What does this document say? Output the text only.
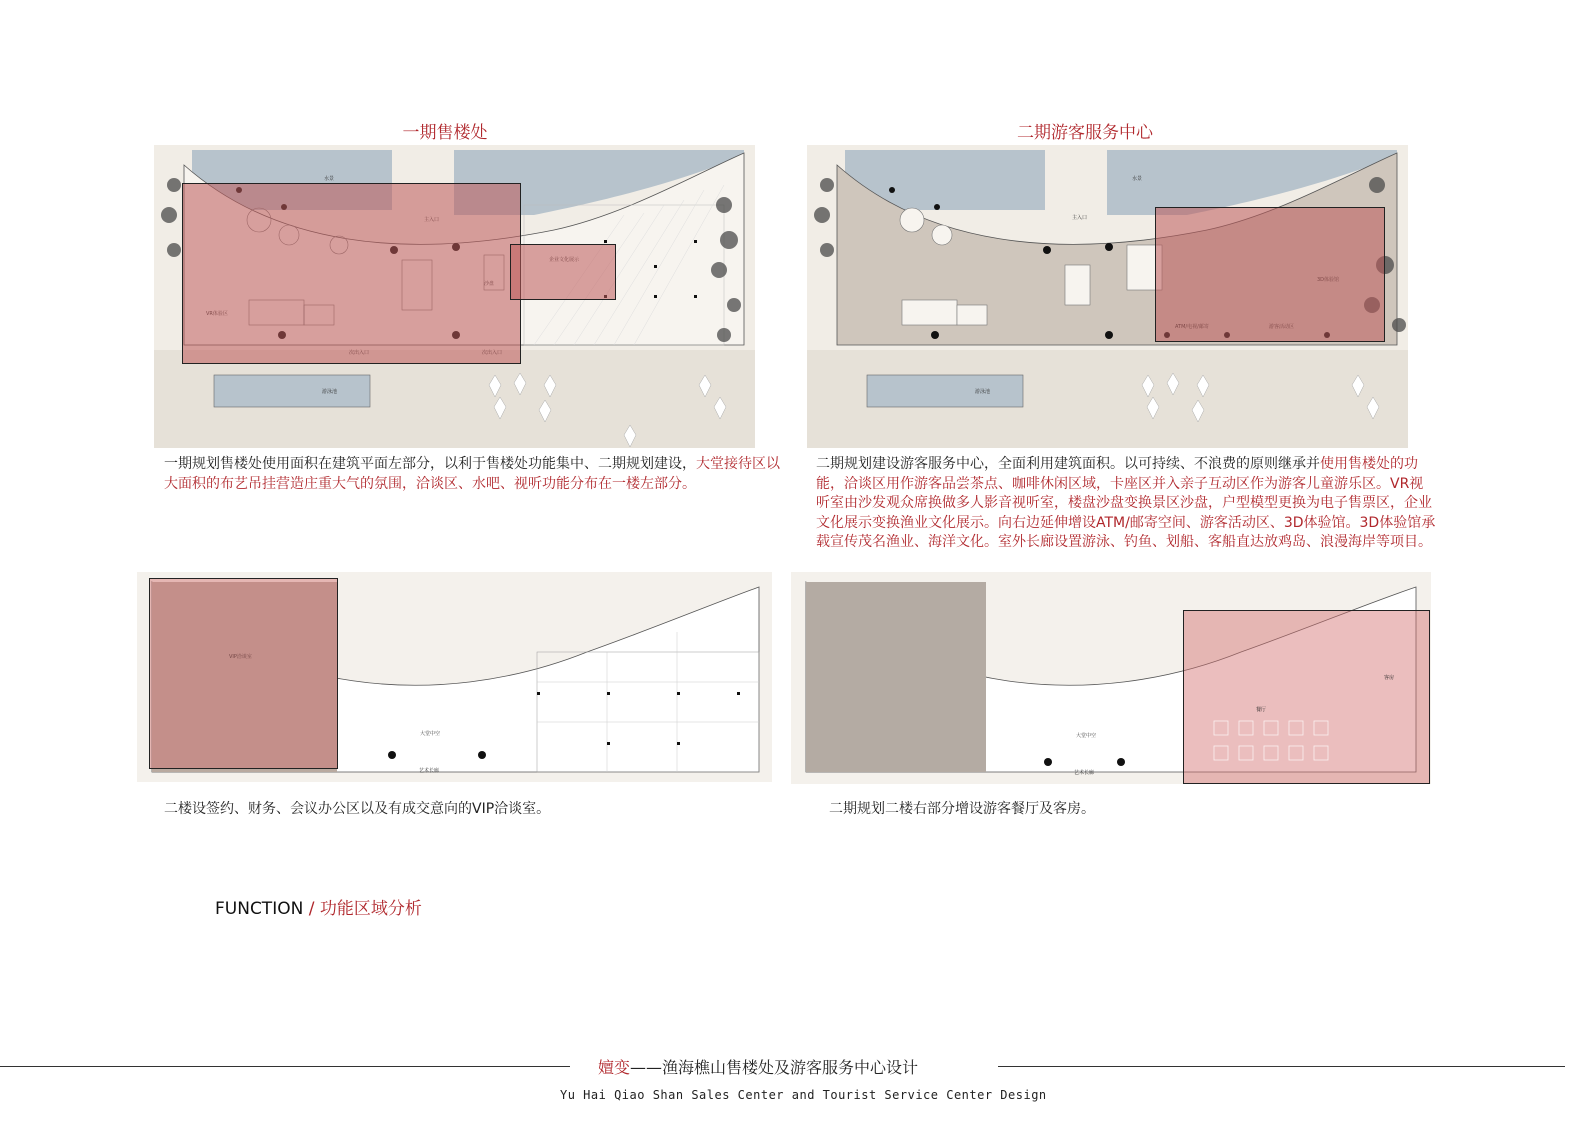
一期售楼处
水景
游泳池
一期规划售楼处使用面积在建筑平面左部分，以利于售楼处功能集中、二期规划建设，大堂接待区以大面积的布艺吊挂营造庄重大气的氛围，洽谈区、水吧、视听功能分布在一楼左部分。
二期游客服务中心
水景
主入口
游泳池
二期规划建设游客服务中心，全面利用建筑面积。以可持续、不浪费的原则继承并使用售楼处的功能，洽谈区用作游客品尝茶点、咖啡休闲区域，卡座区并入亲子互动区作为游客儿童游乐区。VR视听室由沙发观众席换做多人影音视听室，楼盘沙盘变换景区沙盘，户型模型更换为电子售票区，企业文化展示变换渔业文化展示。向右边延伸增设ATM/邮寄空间、游客活动区、3D体验馆。3D体验馆承载宣传茂名渔业、海洋文化。室外长廊设置游泳、钓鱼、划船、客船直达放鸡岛、浪漫海岸等项目。
大堂中空
艺术长廊
VIP洽谈室
二楼设签约、财务、会议办公区以及有成交意向的VIP洽谈室。
大堂中空
艺术长廊
餐厅
客房
二期规划二楼右部分增设游客餐厅及客房。
FUNCTION / 功能区域分析
嬗变——渔海樵山售楼处及游客服务中心设计
Yu Hai Qiao Shan Sales Center and Tourist Service Center Design
